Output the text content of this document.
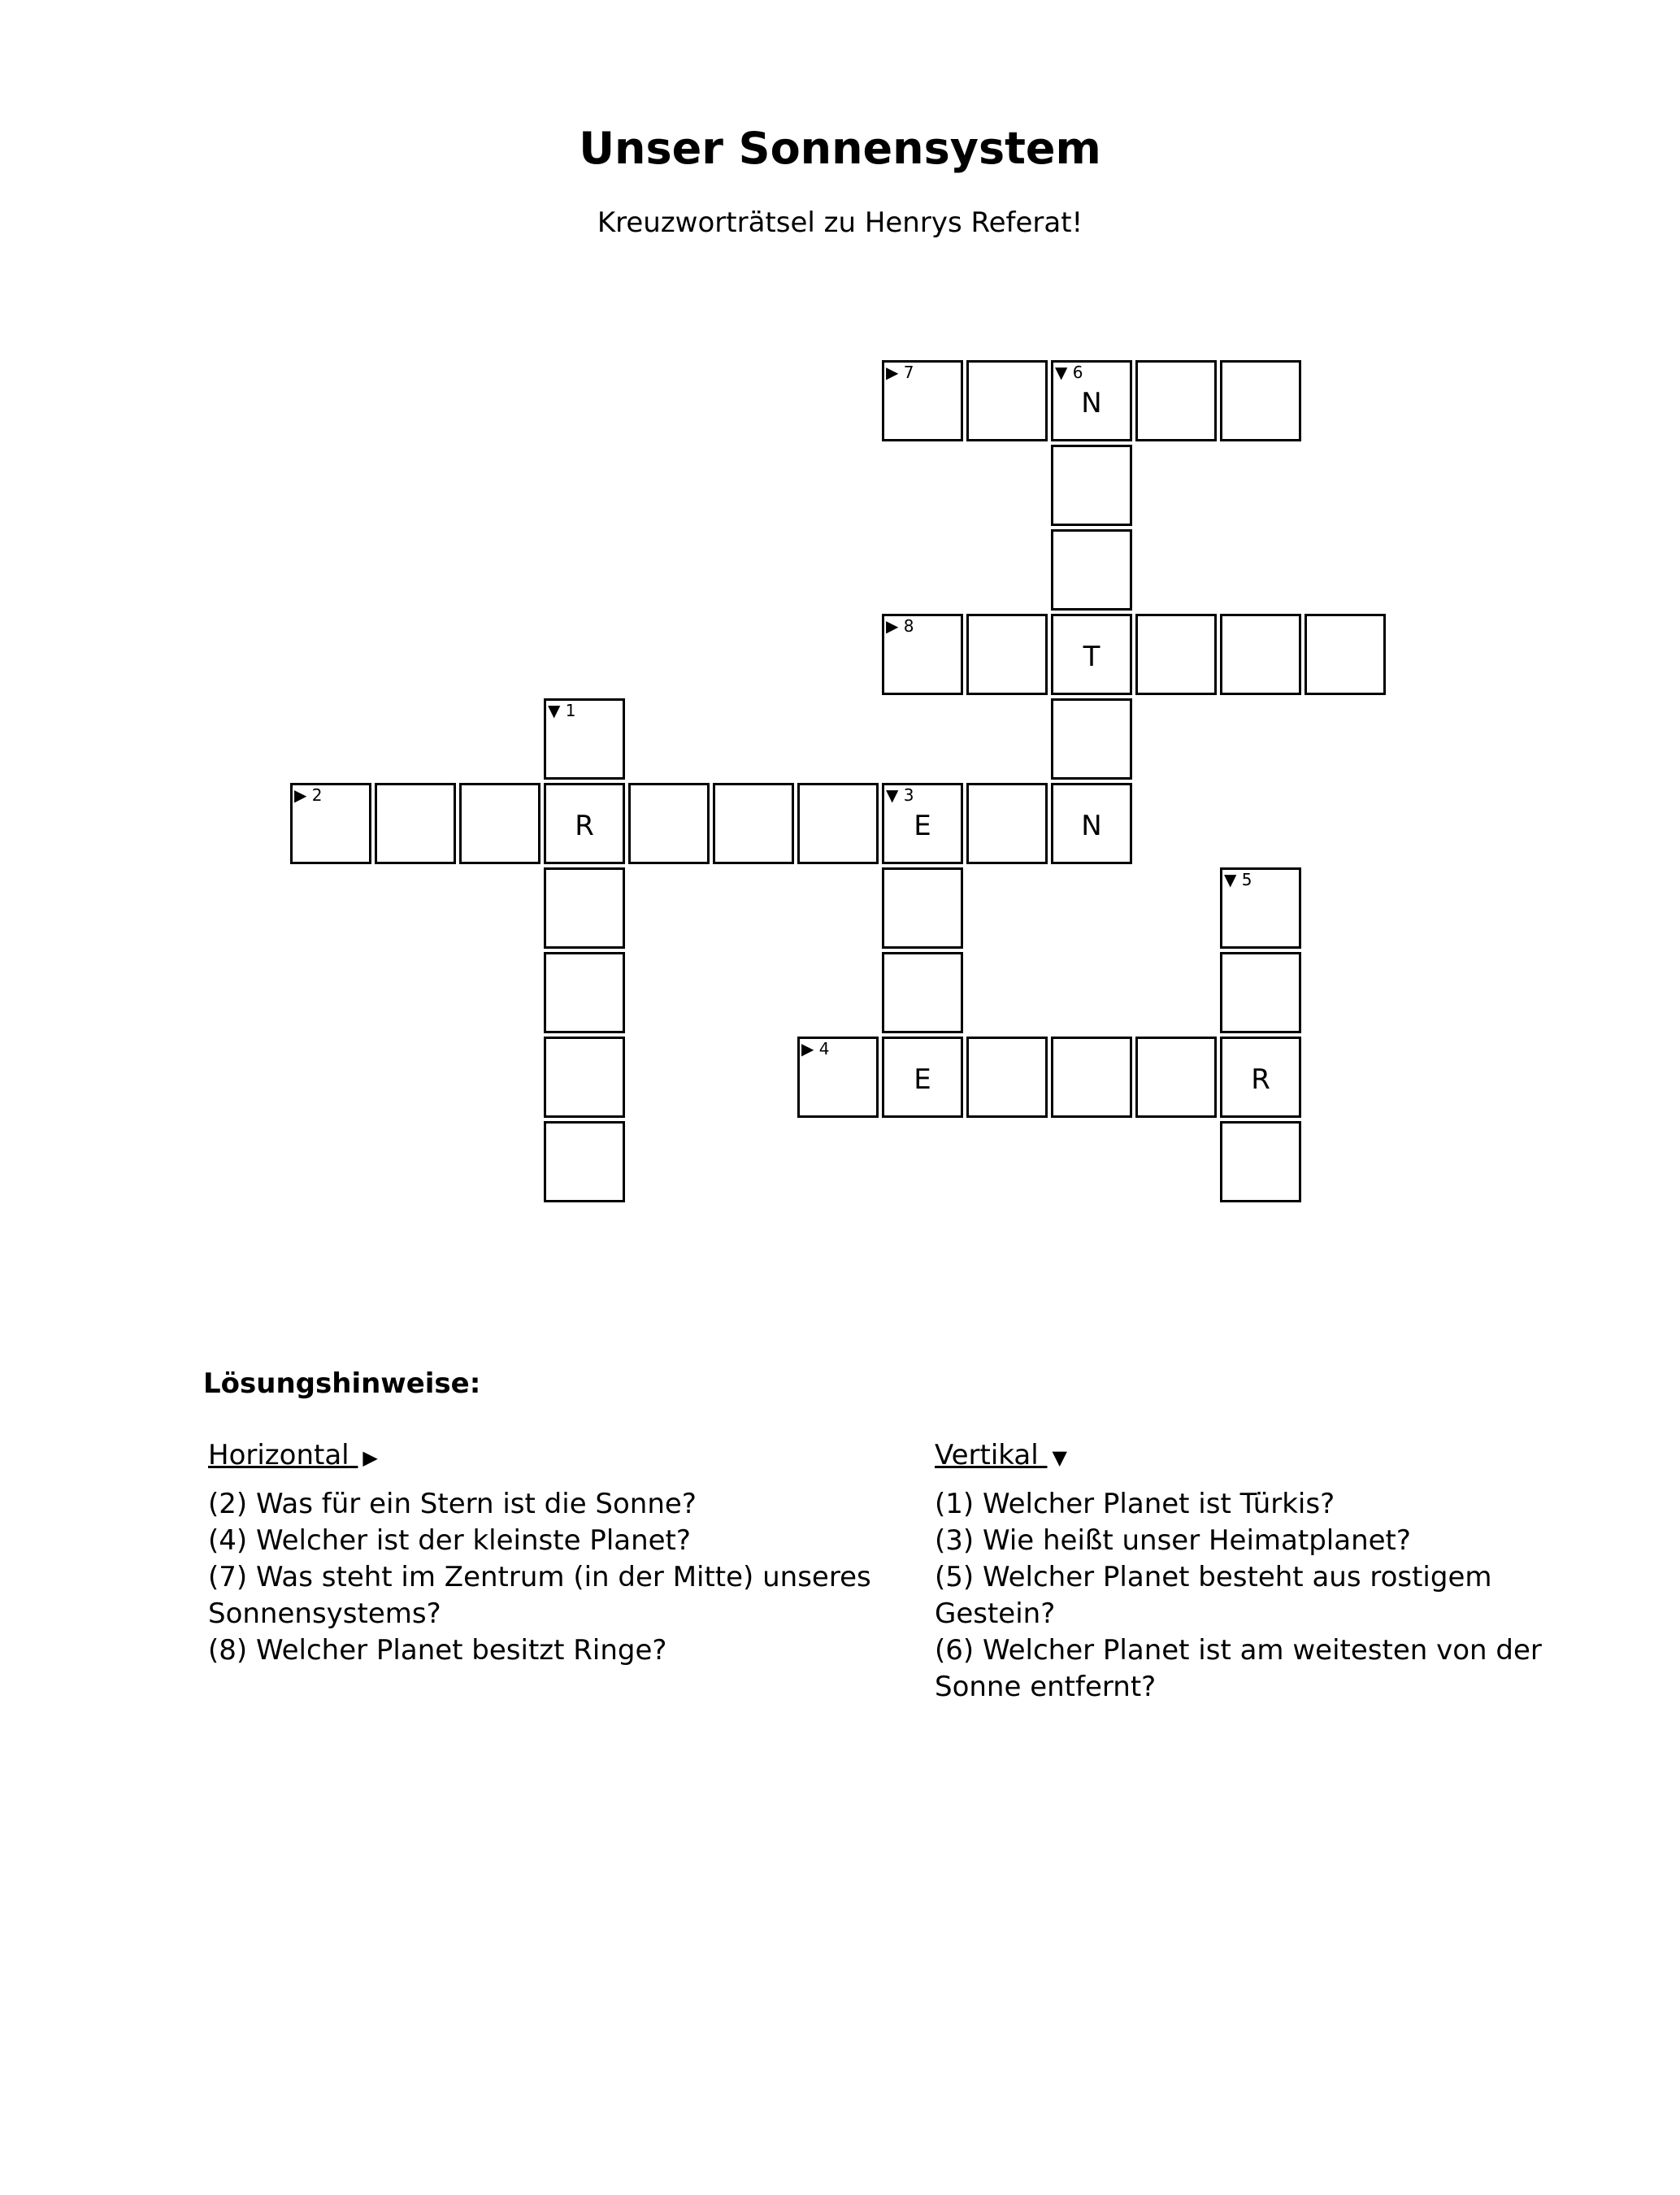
Unser Sonnensystem
Kreuzworträtsel zu Henrys Referat!
▶ 7	▼ 6
N
▶ 8
T
▼ 1
▶ 2
R
▼ 3
E	N
▼ 5
▶ 4
E	R
Lösungshinweise:
Horizontal ▶

(2) Was für ein Stern ist die Sonne?

(4) Welcher ist der kleinste Planet?

(7) Was steht im Zentrum (in der Mitte) unseres Sonnensystems?

(8) Welcher Planet besitzt Ringe?

Vertikal ▼

(1) Welcher Planet ist Türkis?

(3) Wie heißt unser Heimatplanet?

(5) Welcher Planet besteht aus rostigem Gestein?

(6) Welcher Planet ist am weitesten von der Sonne entfernt?
